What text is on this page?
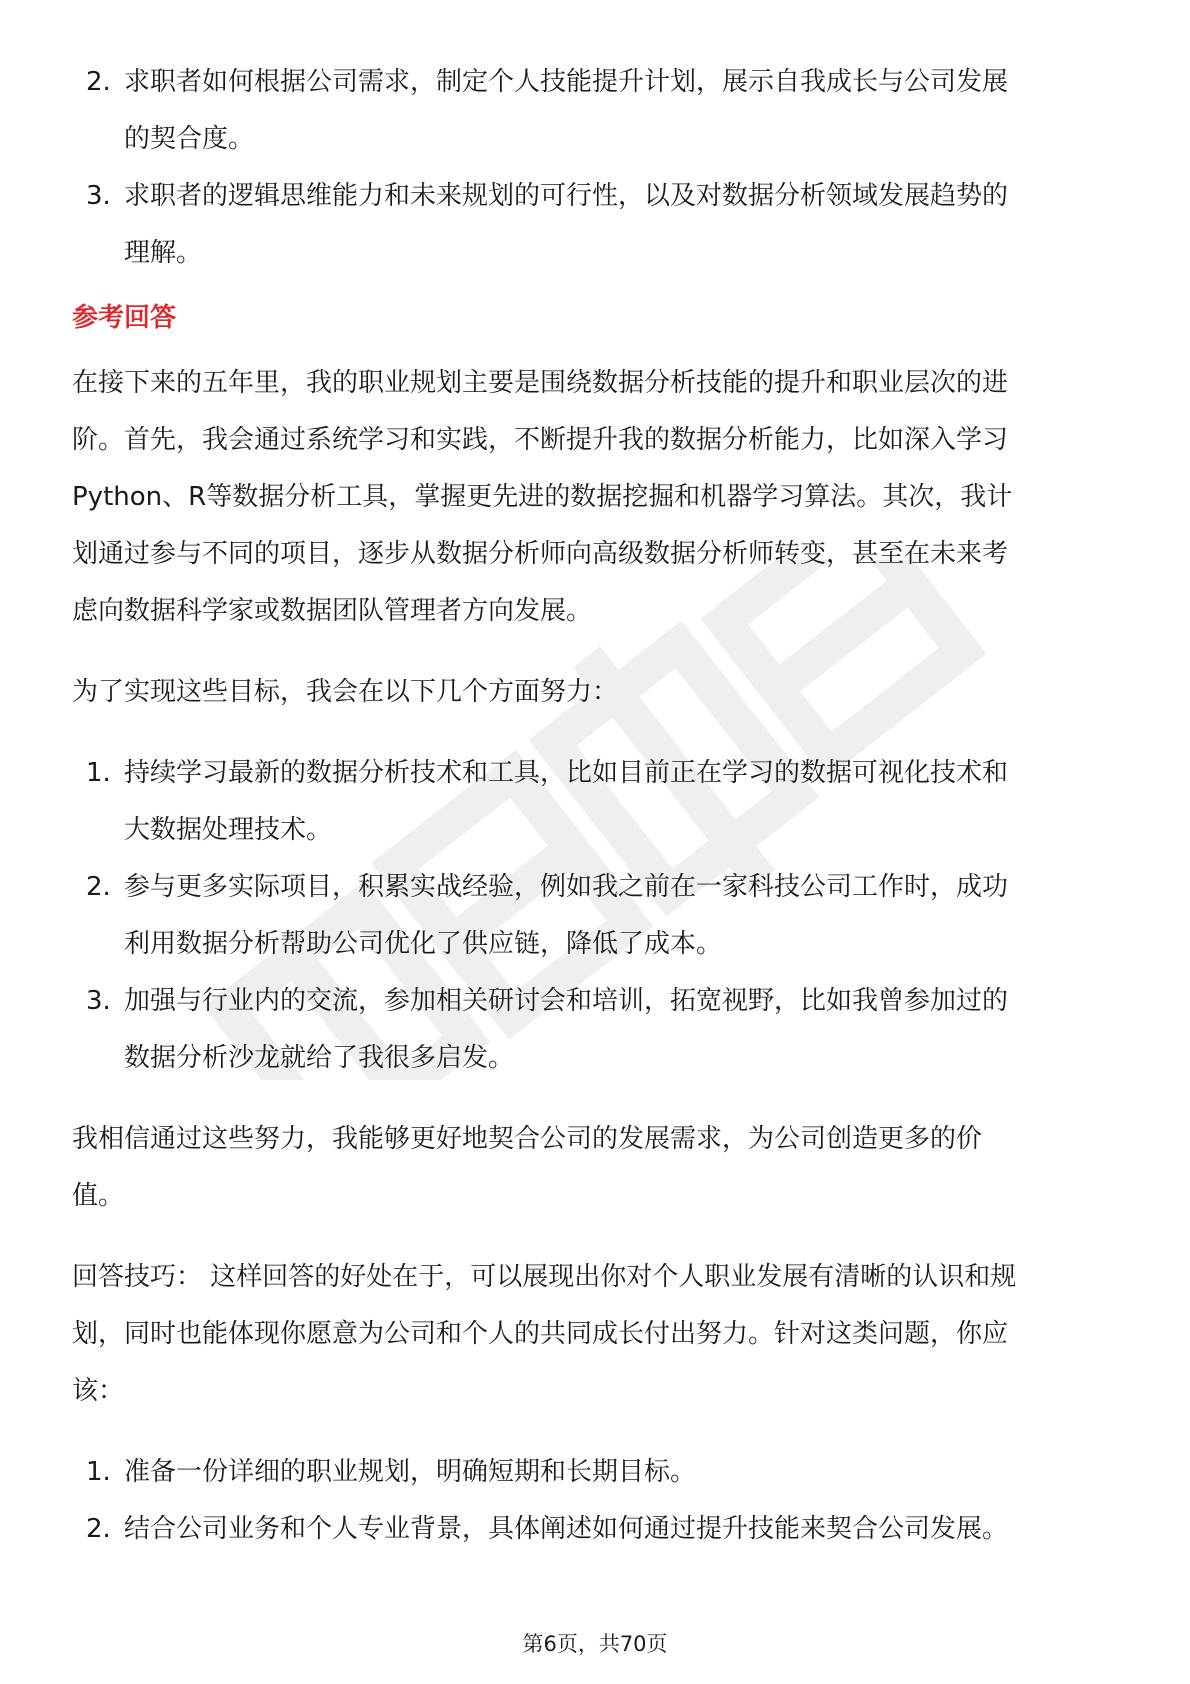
2. 求职者如何根据公司需求，制定个人技能提升计划，展示自我成长与公司发展
的契合度。
3. 求职者的逻辑思维能力和未来规划的可行性，以及对数据分析领域发展趋势的
理解。

参考回答

在接下来的五年里，我的职业规划主要是围绕数据分析技能的提升和职业层次的进

阶。首先，我会通过系统学习和实践，不断提升我的数据分析能力，比如深入学习

Python、R等数据分析工具，掌握更先进的数据挖掘和机器学习算法。其次，我计

划通过参与不同的项目，逐步从数据分析师向高级数据分析师转变，甚至在未来考

虑向数据科学家或数据团队管理者方向发展。

为了实现这些目标，我会在以下几个方面努力：

1. 持续学习最新的数据分析技术和工具，比如目前正在学习的数据可视化技术和
大数据处理技术。
2. 参与更多实际项目，积累实战经验，例如我之前在一家科技公司工作时，成功
利用数据分析帮助公司优化了供应链，降低了成本。
3. 加强与行业内的交流，参加相关研讨会和培训，拓宽视野，比如我曾参加过的
数据分析沙龙就给了我很多启发。

我相信通过这些努力，我能够更好地契合公司的发展需求，为公司创造更多的价

值。

回答技巧： 这样回答的好处在于，可以展现出你对个人职业发展有清晰的认识和规

划，同时也能体现你愿意为公司和个人的共同成长付出努力。针对这类问题，你应

该：

1. 准备一份详细的职业规划，明确短期和长期目标。
2. 结合公司业务和个人专业背景，具体阐述如何通过提升技能来契合公司发展。
第6页，共70页
